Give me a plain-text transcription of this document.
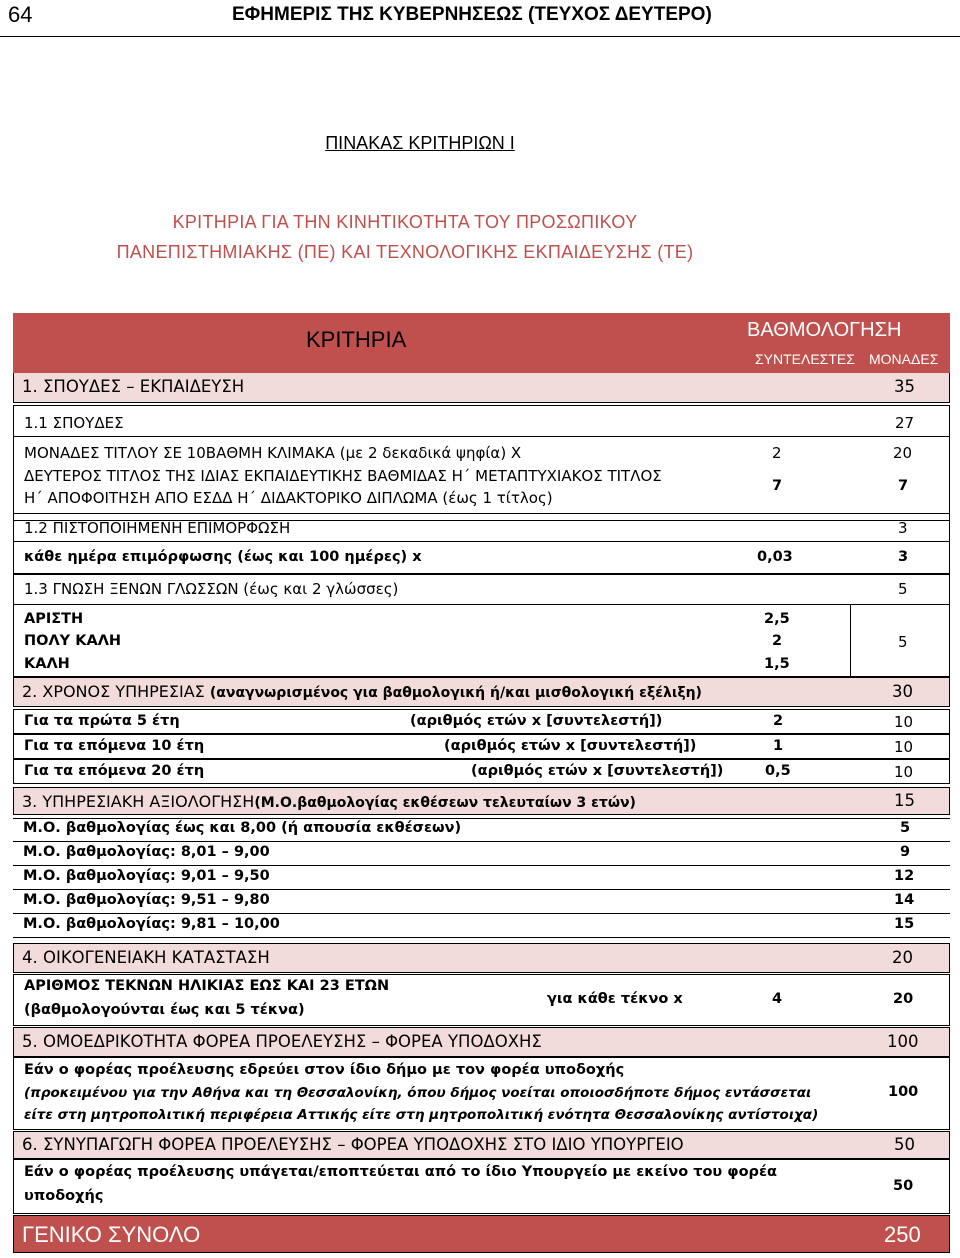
64	ΕΦΗΜΕΡΙΣ ΤΗΣ ΚΥΒΕΡΝΗΣΕΩΣ (ΤΕΥΧΟΣ ΔΕΥΤΕΡΟ)
ΠΙΝΑΚΑΣ ΚΡΙΤΗΡΙΩΝ Ι
ΚΡΙΤΗΡΙΑ ΓΙΑ ΤΗΝ ΚΙΝΗΤΙΚΟΤΗΤΑ ΤΟΥ ΠΡΟΣΩΠΙΚΟΥ
ΠΑΝΕΠΙΣΤΗΜΙΑΚΗΣ (ΠΕ) ΚΑΙ ΤΕΧΝΟΛΟΓΙΚΗΣ ΕΚΠΑΙΔΕΥΣΗΣ (ΤΕ)
ΚΡΙΤΗΡΙΑ	ΒΑΘΜΟΛΟΓΗΣΗ
ΣΥΝΤΕΛΕΣΤΕΣ ΜΟΝΑΔΕΣ
1. ΣΠΟΥΔΕΣ – ΕΚΠΑΙΔΕΥΣΗ	35
1.1 ΣΠΟΥΔΕΣ	27
ΜΟΝΑΔΕΣ ΤΙΤΛΟΥ ΣΕ 10ΒΑΘΜΗ ΚΛΙΜΑΚΑ (με 2 δεκαδικά ψηφία) Χ	2	20
ΔΕΥΤΕΡΟΣ ΤΙΤΛΟΣ ΤΗΣ ΙΔΙΑΣ ΕΚΠΑΙΔΕΥΤΙΚΗΣ ΒΑΘΜΙΔΑΣ Η΄ ΜΕΤΑΠΤΥΧΙΑΚΟΣ ΤΙΤΛΟΣ
Η΄ ΑΠΟΦΟΙΤΗΣΗ ΑΠΟ ΕΣΔΔ Η΄ ΔΙΔΑΚΤΟΡΙΚΟ ΔΙΠΛΩΜΑ (έως 1 τίτλος)
7	7
1.2 ΠΙΣΤΟΠΟΙΗΜΕΝΗ ΕΠΙΜΟΡΦΩΣΗ	3
κάθε ημέρα επιμόρφωσης (έως και 100 ημέρες) x	0,03	3
1.3 ΓΝΩΣΗ ΞΕΝΩΝ ΓΛΩΣΣΩΝ (έως και 2 γλώσσες)	5
ΑΡΙΣΤΗ	2,5
ΠΟΛΥ ΚΑΛΗ	2
ΚΑΛΗ	1,5
5
2. ΧΡΟΝΟΣ ΥΠΗΡΕΣΙΑΣ (αναγνωρισμένος για βαθμολογική ή/και μισθολογική εξέλιξη)	30
Για τα πρώτα 5 έτη	(αριθμός ετών x [συντελεστή])	2	10
Για τα επόμενα 10 έτη	(αριθμός ετών x [συντελεστή])	1	10
Για τα επόμενα 20 έτη	(αριθμός ετών x [συντελεστή])	0,5	10
3. ΥΠΗΡΕΣΙΑΚΗ ΑΞΙΟΛΟΓΗΣΗ(Μ.Ο.βαθμολογίας εκθέσεων τελευταίων 3 ετών)	15
Μ.Ο. βαθμολογίας έως και 8,00 (ή απουσία εκθέσεων)	5
Μ.Ο. βαθμολογίας: 8,01 – 9,00	9
Μ.Ο. βαθμολογίας: 9,01 – 9,50	12
Μ.Ο. βαθμολογίας: 9,51 – 9,80	14
Μ.Ο. βαθμολογίας: 9,81 – 10,00	15
4. ΟΙΚΟΓΕΝΕΙΑΚΗ ΚΑΤΑΣΤΑΣΗ	20
ΑΡΙΘΜΟΣ ΤΕΚΝΩΝ ΗΛΙΚΙΑΣ ΕΩΣ ΚΑΙ 23 ΕΤΩΝ
(βαθμολογούνται έως και 5 τέκνα)
για κάθε τέκνο x	4	20
5. ΟΜΟΕΔΡΙΚΟΤΗΤΑ ΦΟΡΕΑ ΠΡΟΕΛΕΥΣΗΣ – ΦΟΡΕΑ ΥΠΟΔΟΧΗΣ	100
Εάν ο φορέας προέλευσης εδρεύει στον ίδιο δήμο με τον φορέα υποδοχής
(προκειμένου για την Αθήνα και τη Θεσσαλονίκη, όπου δήμος νοείται οποιοσδήποτε δήμος εντάσσεται
είτε στη μητροπολιτική περιφέρεια Αττικής είτε στη μητροπολιτική ενότητα Θεσσαλονίκης αντίστοιχα)
100
6. ΣΥΝΥΠΑΓΩΓΗ ΦΟΡΕΑ ΠΡΟΕΛΕΥΣΗΣ – ΦΟΡΕΑ ΥΠΟΔΟΧΗΣ ΣΤΟ ΙΔΙΟ ΥΠΟΥΡΓΕΙΟ	50
Εάν ο φορέας προέλευσης υπάγεται/εποπτεύεται από το ίδιο Υπουργείο με εκείνο του φορέα
υποδοχής
50
ΓΕΝΙΚΟ ΣΥΝΟΛΟ	250
